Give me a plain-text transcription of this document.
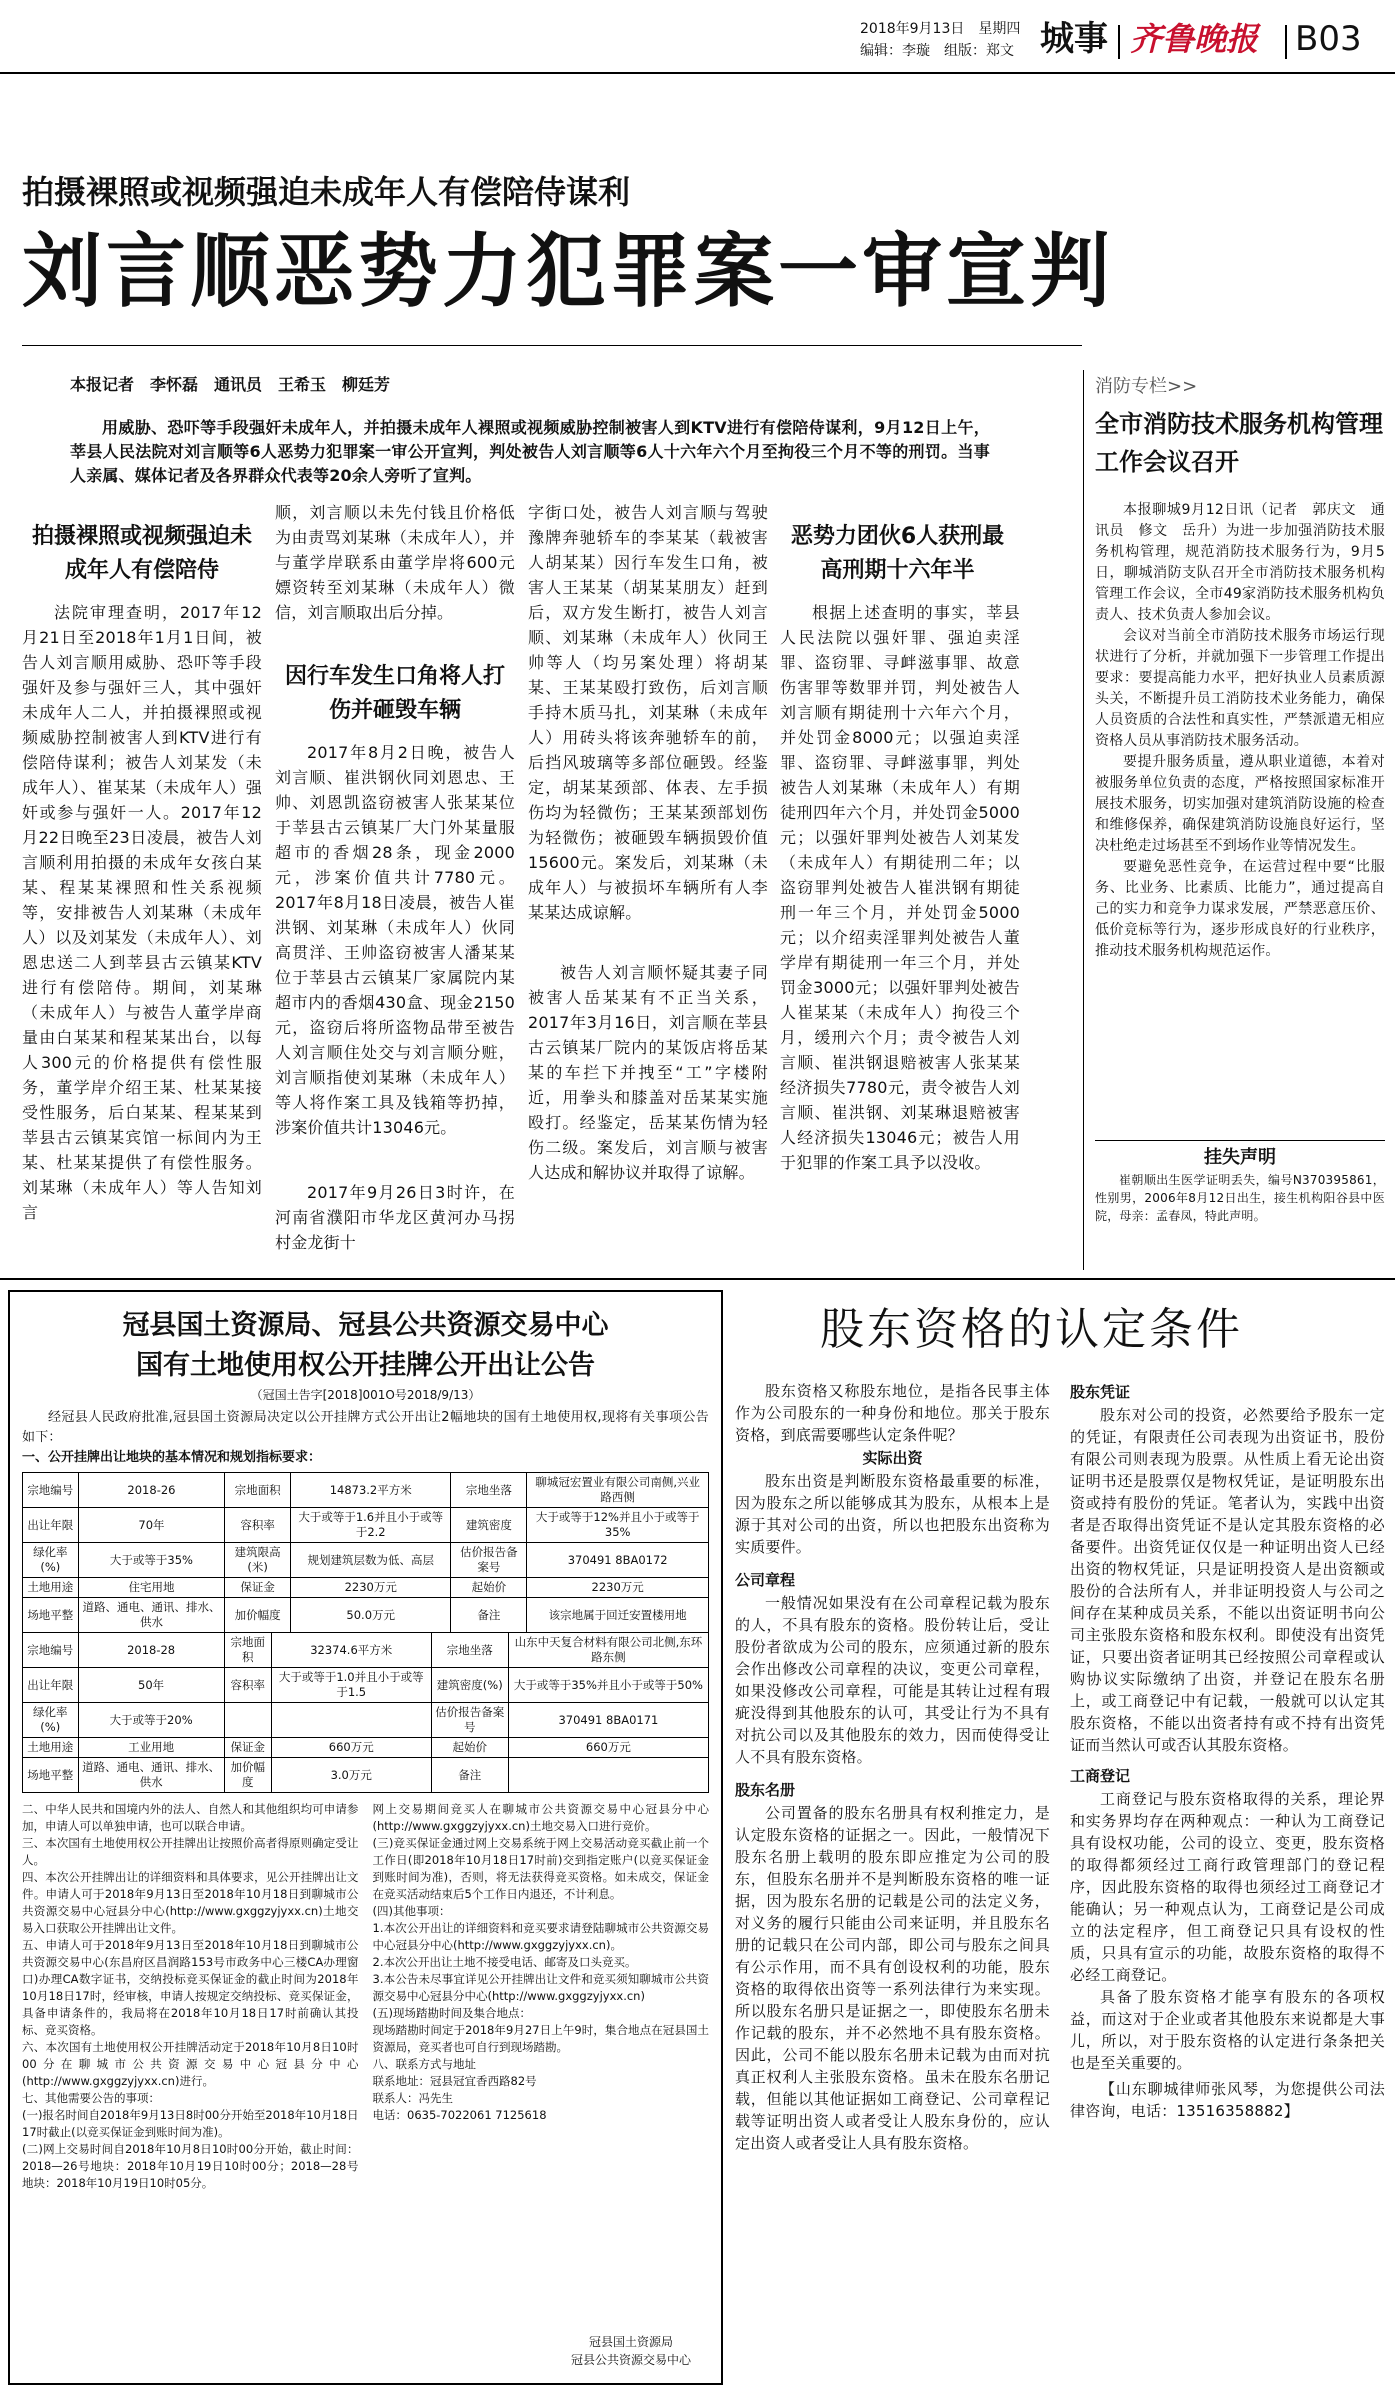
2018年9月13日　星期四
编辑：李璇　组版：郑文 城事 齐鲁晚报 B03
拍摄裸照或视频强迫未成年人有偿陪侍谋利
刘言顺恶势力犯罪案一审宣判
本报记者　李怀磊　通讯员　王希玉　柳廷芳

用威胁、恐吓等手段强奸未成年人，并拍摄未成年人裸照或视频威胁控制被害人到KTV进行有偿陪侍谋利，9月12日上午，莘县人民法院对刘言顺等6人恶势力犯罪案一审公开宣判，判处被告人刘言顺等6人十六年六个月至拘役三个月不等的刑罚。当事人亲属、媒体记者及各界群众代表等20余人旁听了宣判。

拍摄裸照或视频强迫未成年人有偿陪侍

法院审理查明，2017年12月21日至2018年1月1日间，被告人刘言顺用威胁、恐吓等手段强奸及参与强奸三人，其中强奸未成年人二人，并拍摄裸照或视频威胁控制被害人到KTV进行有偿陪侍谋利；被告人刘某发（未成年人）、崔某某（未成年人）强奸或参与强奸一人。2017年12月22日晚至23日凌晨，被告人刘言顺利用拍摄的未成年女孩白某某、程某某裸照和性关系视频等，安排被告人刘某琳（未成年人）以及刘某发（未成年人）、刘恩忠送二人到莘县古云镇某KTV进行有偿陪侍。期间，刘某琳（未成年人）与被告人董学岸商量由白某某和程某某出台，以每人300元的价格提供有偿性服务，董学岸介绍王某、杜某某接受性服务，后白某某、程某某到莘县古云镇某宾馆一标间内为王某、杜某某提供了有偿性服务。刘某琳（未成年人）等人告知刘言

顺，刘言顺以未先付钱且价格低为由责骂刘某琳（未成年人），并与董学岸联系由董学岸将600元嫖资转至刘某琳（未成年人）微信，刘言顺取出后分掉。

因行车发生口角将人打伤并砸毁车辆

2017年8月2日晚，被告人刘言顺、崔洪钢伙同刘恩忠、王帅、刘恩凯盗窃被害人张某某位于莘县古云镇某厂大门外某量服超市的香烟28条，现金2000元，涉案价值共计7780元。2017年8月18日凌晨，被告人崔洪钢、刘某琳（未成年人）伙同高贯洋、王帅盗窃被害人潘某某位于莘县古云镇某厂家属院内某超市内的香烟430盒、现金2150元，盗窃后将所盗物品带至被告人刘言顺住处交与刘言顺分赃，刘言顺指使刘某琳（未成年人）等人将作案工具及钱箱等扔掉，涉案价值共计13046元。

2017年9月26日3时许，在河南省濮阳市华龙区黄河办马拐村金龙街十

字街口处，被告人刘言顺与驾驶豫牌奔驰轿车的李某某（载被害人胡某某）因行车发生口角，被害人王某某（胡某某朋友）赶到后，双方发生断打，被告人刘言顺、刘某琳（未成年人）伙同王帅等人（均另案处理）将胡某某、王某某殴打致伤，后刘言顺手持木质马扎，刘某琳（未成年人）用砖头将该奔驰轿车的前，后挡风玻璃等多部位砸毁。经鉴定，胡某某颈部、体表、左手损伤均为轻微伤；王某某颈部划伤为轻微伤；被砸毁车辆损毁价值15600元。案发后，刘某琳（未成年人）与被损坏车辆所有人李某某达成谅解。

被告人刘言顺怀疑其妻子同被害人岳某某有不正当关系，2017年3月16日，刘言顺在莘县古云镇某厂院内的某饭店将岳某某的车拦下并拽至“工”字楼附近，用拳头和膝盖对岳某某实施殴打。经鉴定，岳某某伤情为轻伤二级。案发后，刘言顺与被害人达成和解协议并取得了谅解。

恶势力团伙6人获刑最高刑期十六年半

根据上述查明的事实，莘县人民法院以强奸罪、强迫卖淫罪、盗窃罪、寻衅滋事罪、故意伤害罪等数罪并罚，判处被告人刘言顺有期徒刑十六年六个月，并处罚金8000元；以强迫卖淫罪、盗窃罪、寻衅滋事罪，判处被告人刘某琳（未成年人）有期徒刑四年六个月，并处罚金5000元；以强奸罪判处被告人刘某发（未成年人）有期徒刑二年；以盗窃罪判处被告人崔洪钢有期徒刑一年三个月，并处罚金5000元；以介绍卖淫罪判处被告人董学岸有期徒刑一年三个月，并处罚金3000元；以强奸罪判处被告人崔某某（未成年人）拘役三个月，缓刑六个月；责令被告人刘言顺、崔洪钢退赔被害人张某某经济损失7780元，责令被告人刘言顺、崔洪钢、刘某琳退赔被害人经济损失13046元；被告人用于犯罪的作案工具予以没收。

消防专栏>>
全市消防技术服务机构管理工作会议召开

本报聊城9月12日讯（记者　郭庆文　通讯员　修文　岳升）为进一步加强消防技术服务机构管理，规范消防技术服务行为，9月5日，聊城消防支队召开全市消防技术服务机构管理工作会议，全市49家消防技术服务机构负责人、技术负责人参加会议。

会议对当前全市消防技术服务市场运行现状进行了分析，并就加强下一步管理工作提出要求：要提高能力水平，把好执业人员素质源头关，不断提升员工消防技术业务能力，确保人员资质的合法性和真实性，严禁派遣无相应资格人员从事消防技术服务活动。

要提升服务质量，遵从职业道德，本着对被服务单位负责的态度，严格按照国家标准开展技术服务，切实加强对建筑消防设施的检查和维修保养，确保建筑消防设施良好运行，坚决杜绝走过场甚至不到场作业等情况发生。

要避免恶性竞争，在运营过程中要“比服务、比业务、比素质、比能力”，通过提高自己的实力和竞争力谋求发展，严禁恶意压价、低价竞标等行为，逐步形成良好的行业秩序，推动技术服务机构规范运作。

挂失声明

崔朝顺出生医学证明丢失，编号N370395861，性别男，2006年8月12日出生，接生机构阳谷县中医院，母亲：孟春凤，特此声明。

冠县国土资源局、冠县公共资源交易中心
国有土地使用权公开挂牌公开出让公告
（冠国土告字[2018]001O号2018/9/13）

经冠县人民政府批准,冠县国土资源局决定以公开挂牌方式公开出让2幅地块的国有土地使用权,现将有关事项公告如下：

一、公开挂牌出让地块的基本情况和规划指标要求：
宗地编号	2018-26	宗地面积	14873.2平方米	宗地坐落	聊城冠宏置业有限公司南侧,兴业路西侧
出让年限	70年	容积率	大于或等于1.6并且小于或等于2.2	建筑密度	大于或等于12%并且小于或等于35%
绿化率(%)	大于或等于35%	建筑限高(米)	规划建筑层数为低、高层	估价报告备案号	370491 8BA0172
土地用途	住宅用地	保证金	2230万元	起始价	2230万元
场地平整	道路、通电、通讯、排水、供水	加价幅度	50.0万元	备注	该宗地属于回迁安置楼用地
宗地编号	2018-28	宗地面积	32374.6平方米	宗地坐落	山东中天复合材料有限公司北侧,东环路东侧
出让年限	50年	容积率	大于或等于1.0并且小于或等于1.5	建筑密度(%)	大于或等于35%并且小于或等于50%
绿化率(%)	大于或等于20%			估价报告备案号	370491 8BA0171
土地用途	工业用地	保证金	660万元	起始价	660万元
场地平整	道路、通电、通讯、排水、供水	加价幅度	3.0万元	备注	
二、中华人民共和国境内外的法人、自然人和其他组织均可申请参加，申请人可以单独申请，也可以联合申请。
三、本次国有土地使用权公开挂牌出让按照价高者得原则确定受让人。
四、本次公开挂牌出让的详细资料和具体要求，见公开挂牌出让文件。申请人可于2018年9月13日至2018年10月18日到聊城市公共资源交易中心冠县分中心(http://www.gxggzyjyxx.cn)土地交易入口获取公开挂牌出让文件。
五、申请人可于2018年9月13日至2018年10月18日到聊城市公共资源交易中心(东昌府区昌润路153号市政务中心三楼CA办理窗口)办理CA数字证书，交纳投标竞买保证金的截止时间为2018年10月18日17时，经审核，申请人按规定交纳投标、竞买保证金，具备申请条件的，我局将在2018年10月18日17时前确认其投标、竞买资格。
六、本次国有土地使用权公开挂牌活动定于2018年10月8日10时00分在聊城市公共资源交易中心冠县分中心(http://www.gxggzyjyxx.cn)进行。
七、其他需要公告的事项：
(一)报名时间自2018年9月13日8时00分开始至2018年10月18日17时截止(以竞买保证金到账时间为准)。
(二)网上交易时间自2018年10月8日10时00分开始，截止时间：2018—26号地块：2018年10月19日10时00分；2018—28号地块：2018年10月19日10时05分。
网上交易期间竞买人在聊城市公共资源交易中心冠县分中心(http://www.gxggzyjyxx.cn)土地交易入口进行竞价。
(三)竞买保证金通过网上交易系统于网上交易活动竞买截止前一个工作日(即2018年10月18日17时前)交到指定账户(以竞买保证金到账时间为准)，否则，将无法获得竞买资格。如未成交，保证金在竞买活动结束后5个工作日内退还，不计利息。
(四)其他事项：
1.本次公开出让的详细资料和竞买要求请登陆聊城市公共资源交易中心冠县分中心(http://www.gxggzyjyxx.cn)。
2.本次公开出让土地不接受电话、邮寄及口头竞买。
3.本公告未尽事宜详见公开挂牌出让文件和竞买须知聊城市公共资源交易中心冠县分中心(http://www.gxggzyjyxx.cn)
(五)现场踏勘时间及集合地点：
现场踏勘时间定于2018年9月27日上午9时，集合地点在冠县国土资源局，竞买者也可自行到现场踏勘。
八、联系方式与地址
联系地址：冠县冠宜香西路82号
联系人：冯先生
电话：0635-7022061 7125618
冠县国土资源局
冠县公共资源交易中心
股东资格的认定条件

股东资格又称股东地位，是指各民事主体作为公司股东的一种身份和地位。那关于股东资格，到底需要哪些认定条件呢？

实际出资

股东出资是判断股东资格最重要的标准，因为股东之所以能够成其为股东，从根本上是源于其对公司的出资，所以也把股东出资称为实质要件。

公司章程

一般情况如果没有在公司章程记载为股东的人，不具有股东的资格。股份转让后，受让股份者欲成为公司的股东，应须通过新的股东会作出修改公司章程的决议，变更公司章程，如果没修改公司章程，可能是其转让过程有瑕疵没得到其他股东的认可，其受让行为不具有对抗公司以及其他股东的效力，因而使得受让人不具有股东资格。

股东名册

公司置备的股东名册具有权利推定力，是认定股东资格的证据之一。因此，一般情况下股东名册上载明的股东即应推定为公司的股东，但股东名册并不是判断股东资格的唯一证据，因为股东名册的记载是公司的法定义务，对义务的履行只能由公司来证明，并且股东名册的记载只在公司内部，即公司与股东之间具有公示作用，而不具有创设权利的功能，股东资格的取得依出资等一系列法律行为来实现。所以股东名册只是证据之一，即使股东名册未作记载的股东，并不必然地不具有股东资格。因此，公司不能以股东名册未记载为由而对抗真正权利人主张股东资格。虽未在股东名册记载，但能以其他证据如工商登记、公司章程记载等证明出资人或者受让人股东身份的，应认定出资人或者受让人具有股东资格。

股东凭证

股东对公司的投资，必然要给予股东一定的凭证，有限责任公司表现为出资证书，股份有限公司则表现为股票。从性质上看无论出资证明书还是股票仅是物权凭证，是证明股东出资或持有股份的凭证。笔者认为，实践中出资者是否取得出资凭证不是认定其股东资格的必备要件。出资凭证仅仅是一种证明出资人已经出资的物权凭证，只是证明投资人是出资额或股份的合法所有人，并非证明投资人与公司之间存在某种成员关系，不能以出资证明书向公司主张股东资格和股东权利。即使没有出资凭证，只要出资者证明其已经按照公司章程或认购协议实际缴纳了出资，并登记在股东名册上，或工商登记中有记载，一般就可以认定其股东资格，不能以出资者持有或不持有出资凭证而当然认可或否认其股东资格。

工商登记

工商登记与股东资格取得的关系，理论界和实务界均存在两种观点：一种认为工商登记具有设权功能，公司的设立、变更，股东资格的取得都须经过工商行政管理部门的登记程序，因此股东资格的取得也须经过工商登记才能确认；另一种观点认为，工商登记是公司成立的法定程序，但工商登记只具有设权的性质，只具有宣示的功能，故股东资格的取得不必经工商登记。

具备了股东资格才能享有股东的各项权益，而这对于企业或者其他股东来说都是大事儿，所以，对于股东资格的认定进行条条把关也是至关重要的。

【山东聊城律师张风琴，为您提供公司法律咨询，电话：13516358882】
